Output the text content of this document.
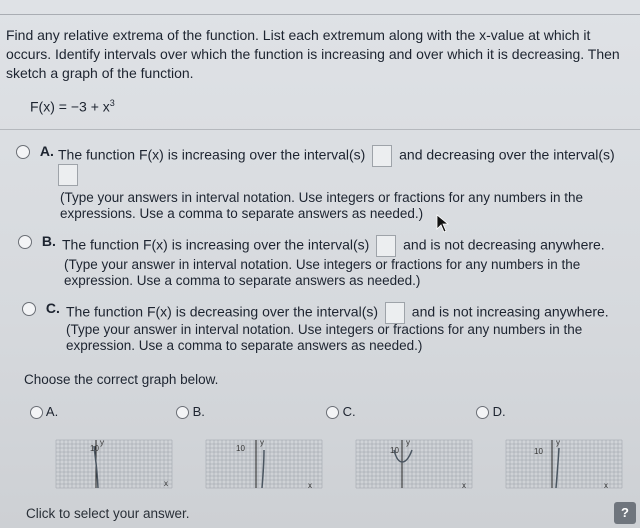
Find any relative extrema of the function. List each extremum along with the x-value at which it
occurs. Identify intervals over which the function is increasing and over which it is decreasing. Then
sketch a graph of the function.
$F(x) = -3 + x^3$
A. The function F(x) is increasing over the interval(s) and decreasing over the interval(s)
(Type your answers in interval notation. Use integers or fractions for any numbers in the
expressions. Use a comma to separate answers as needed.)
B. The function F(x) is increasing over the interval(s) and is not decreasing anywhere.
(Type your answer in interval notation. Use integers or fractions for any numbers in the
expression. Use a comma to separate answers as needed.)
C. The function F(x) is decreasing over the interval(s) and is not increasing anywhere.
(Type your answer in interval notation. Use integers or fractions for any numbers in the
expression. Use a comma to separate answers as needed.)
Choose the correct graph below.
A.	B.	C.	D.
y
10
x
y
10
x
y
10
x
y
10
x
Click to select your answer.	?
